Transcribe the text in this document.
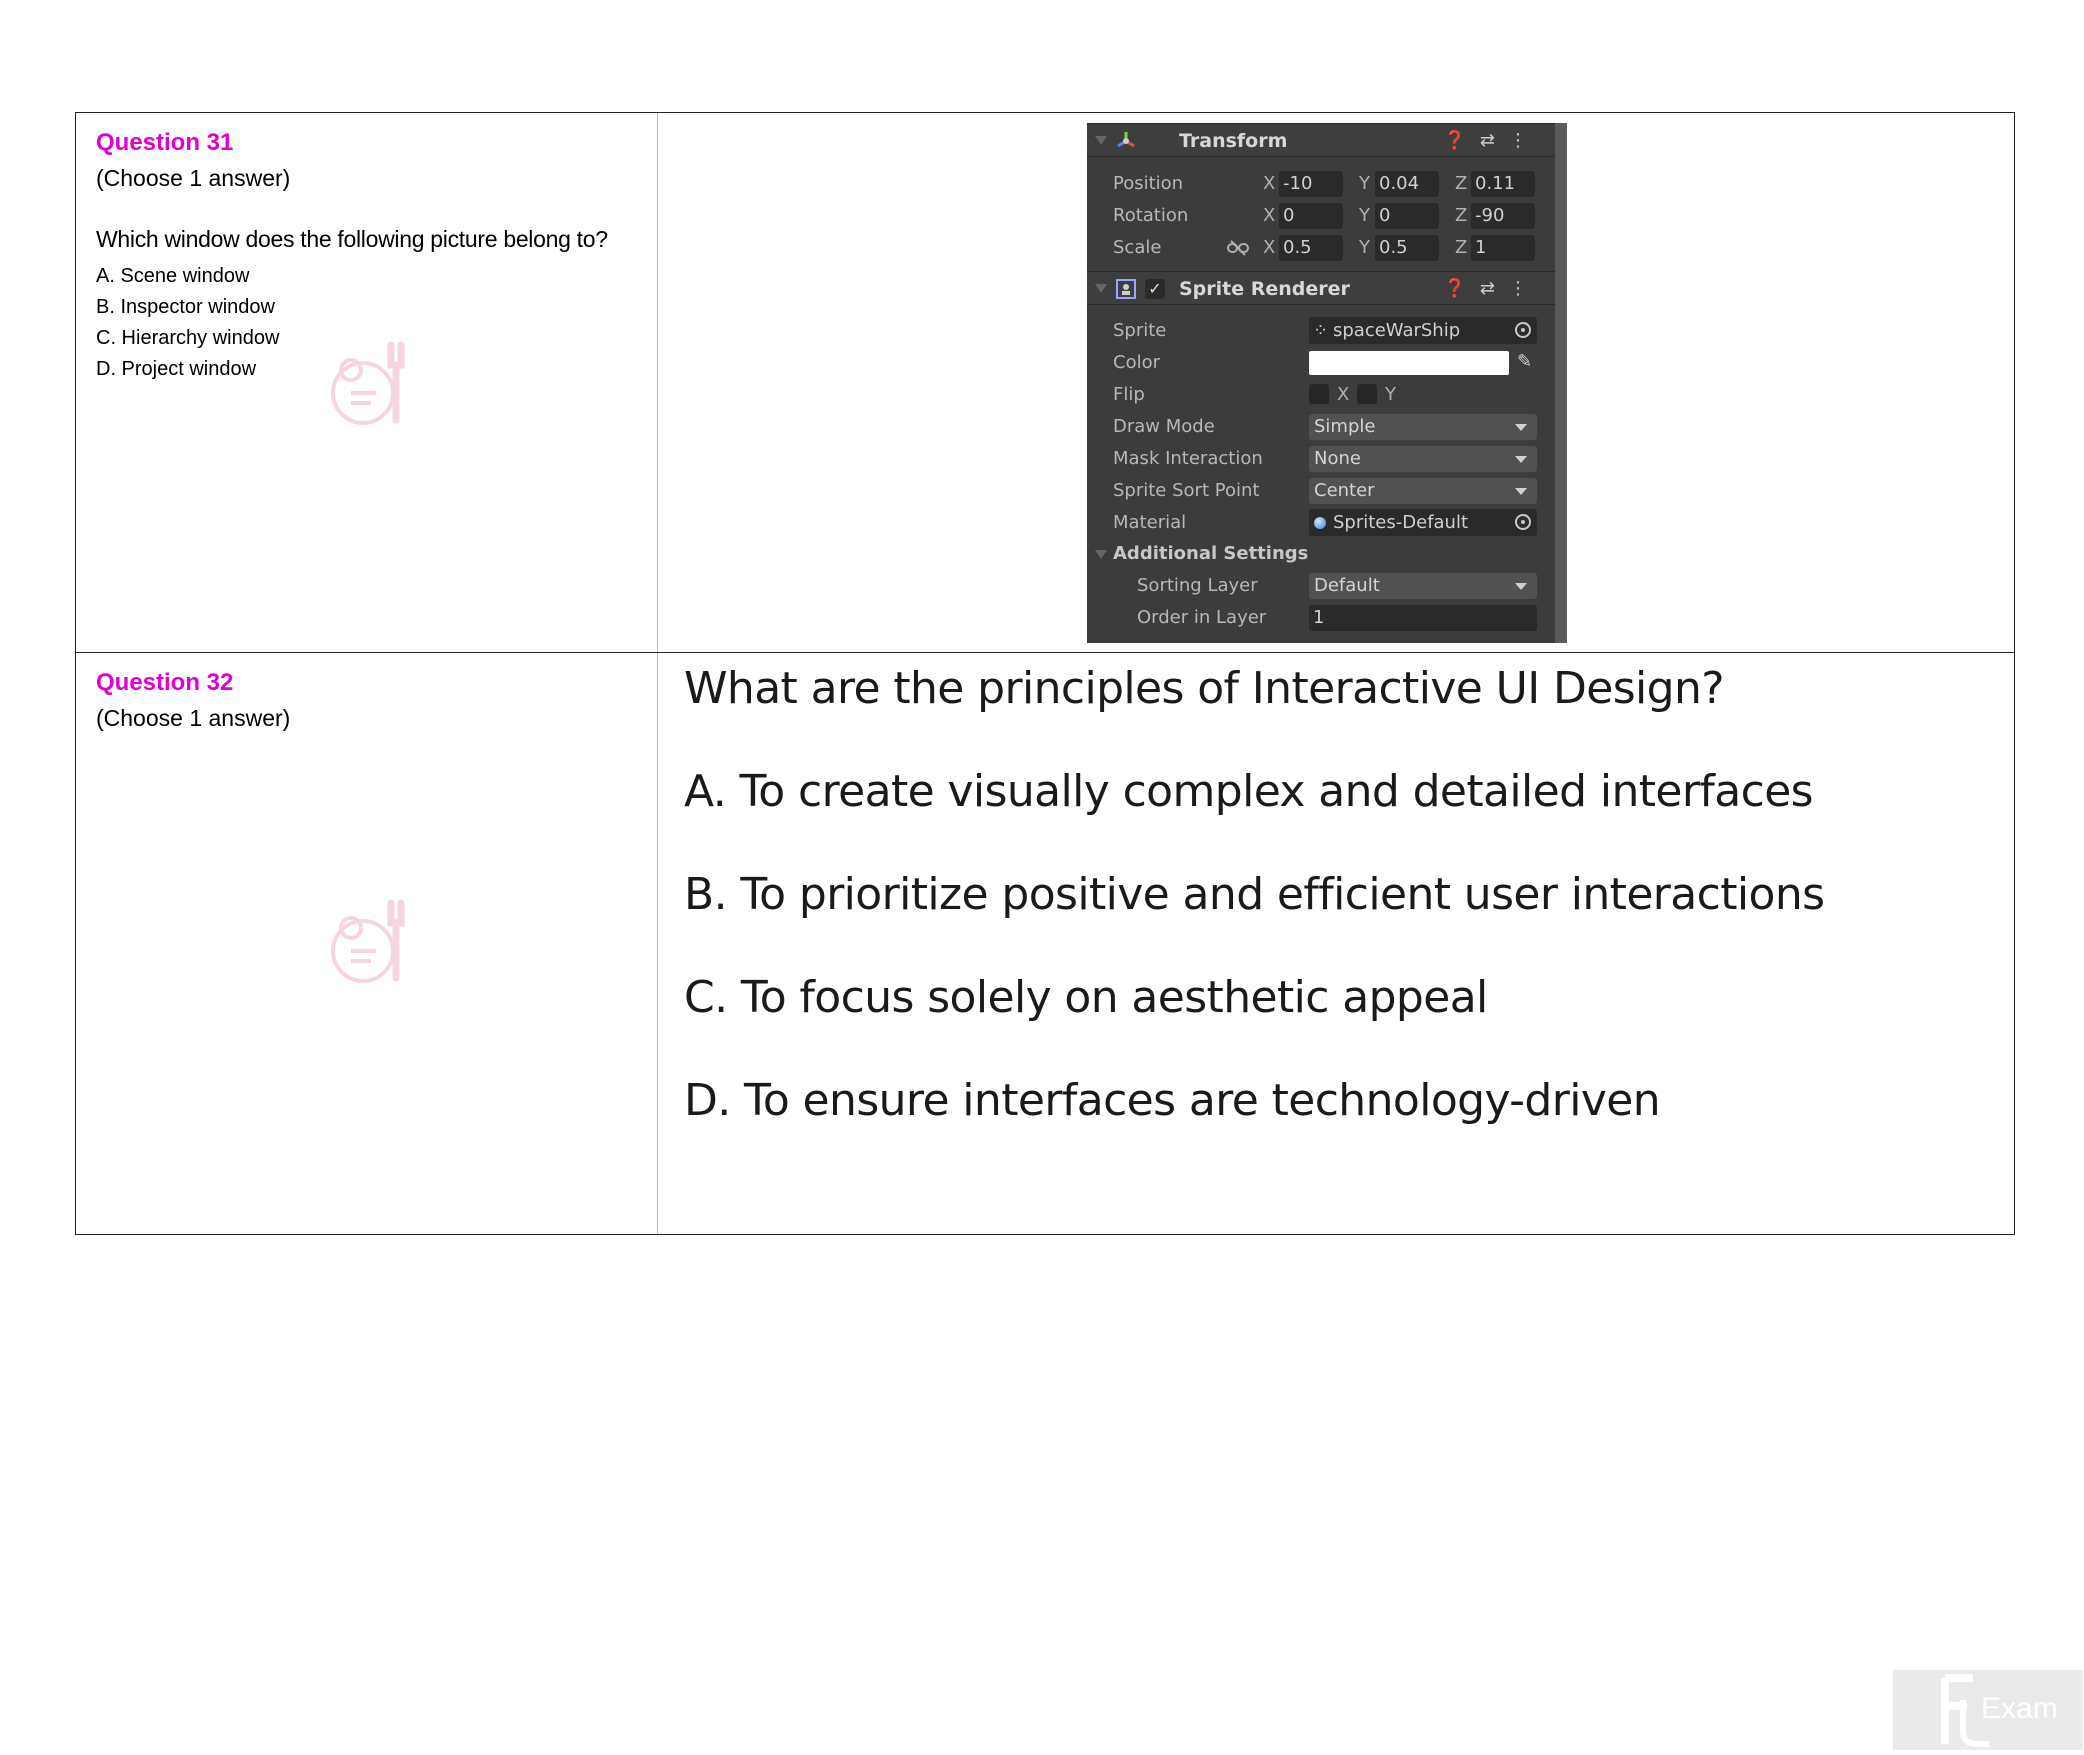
Question 31

(Choose 1 answer)

Which window does the following picture belong to?

A. Scene window
B. Inspector window
C. Hierarchy window
D. Project window

Question 32

(Choose 1 answer)

Transform	❓⇄⋮
Position	X -10	Y 0.04	Z 0.11
Rotation	X 0	Y 0	Z -90
Scale	X 0.5	Y 0.5	Z 1
✓ Sprite Renderer	❓⇄⋮
Sprite	⁘ spaceWarShip
Color	✎
Flip	X Y
Draw Mode	Simple
Mask Interaction	None
Sprite Sort Point	Center
Material	Sprites-Default
Additional Settings
Sorting Layer	Default
Order in Layer	1
What are the principles of Interactive UI Design?
A. To create visually complex and detailed interfaces
B. To prioritize positive and efficient user interactions
C. To focus solely on aesthetic appeal
D. To ensure interfaces are technology-driven
Exam
